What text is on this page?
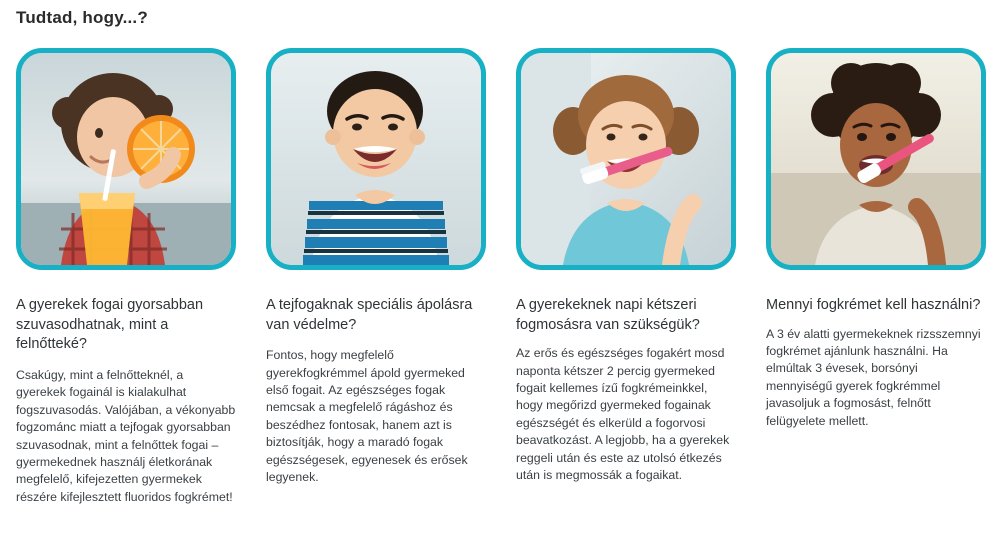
Tudtad, hogy...?
A gyerekek fogai gyorsabban szuvasodhatnak, mint a felnőtteké?
Csakúgy, mint a felnőtteknél, a gyerekek fogainál is kialakulhat fogszuvasodás. Valójában, a vékonyabb fogzománc miatt a tejfogak gyorsabban szuvasodnak, mint a felnőttek fogai – gyermekednek használj életkorának megfelelő, kifejezetten gyermekek részére kifejlesztett fluoridos fogkrémet!
A tejfogaknak speciális ápolásra van védelme?
Fontos, hogy megfelelő gyerekfogkrémmel ápold gyermeked első fogait. Az egészséges fogak nemcsak a megfelelő rágáshoz és beszédhez fontosak, hanem azt is biztosítják, hogy a maradó fogak egészségesek, egyenesek és erősek legyenek.
A gyerekeknek napi kétszeri fogmosásra van szükségük?
Az erős és egészséges fogakért mosd naponta kétszer 2 percig gyermeked fogait kellemes ízű fogkrémeinkkel, hogy megőrizd gyermeked fogainak egészségét és elkerüld a fogorvosi beavatkozást. A legjobb, ha a gyerekek reggeli után és este az utolsó étkezés után is megmossák a fogaikat.
Mennyi fogkrémet kell használni?
A 3 év alatti gyermekeknek rizsszemnyi fogkrémet ajánlunk használni. Ha elmúltak 3 évesek, borsónyi mennyiségű gyerek fogkrémmel javasoljuk a fogmosást, felnőtt felügyelete mellett.
